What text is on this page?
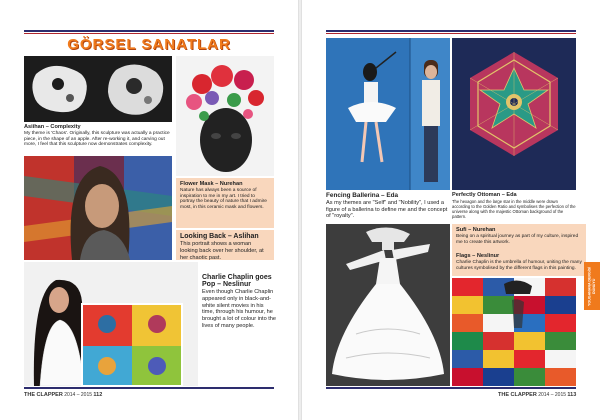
GÖRSEL SANATLAR
Asiihan – Complexity
My theme is 'Chaos'. Originally, this sculpture was actually a practice piece, in the shape of an apple. After re-working it, and carving out more, I feel that this sculpture now demonstrates complexity.
Flower Mask – Nurehan
Nature has always been a source of inspiration to me in my art. I tried to portray the beauty of nature that I admire most, in this ceramic mask and flowers.
Looking Back – Aslihan
This portrait shows a woman looking back over her shoulder, at her chaotic past.
Charlie Chaplin goes Pop – Neslinur
Even though Charlie Chaplin appeared only in black-and-white silent movies in his time, through his humour, he brought a lot of colour into the lives of many people.
THE CLAPPER 2014 – 2015 112
Fencing Ballerina – Eda
As my themes are "Self" and "Nobility", I used a figure of a ballerina to define me and the concept of "royalty".
Perfectly Ottoman – Eda
The hexagon and the large star in the middle were drawn according to the Golden Ratio and symbolises the perfection of the universe along with the majestic Ottoman background of the pattern.
Sufi – Nurehan
Being on a spiritual journey as part of my culture, inspired me to create this artwork.
Flags – Neslinur
Charlie Chaplin is the umbrella of humour, uniting the many cultures symbolised by the different flags in this painting.
THE CLAPPER 2014 – 2015 113
YOUGANANA DERGİSİ DÜNÜYÜ
